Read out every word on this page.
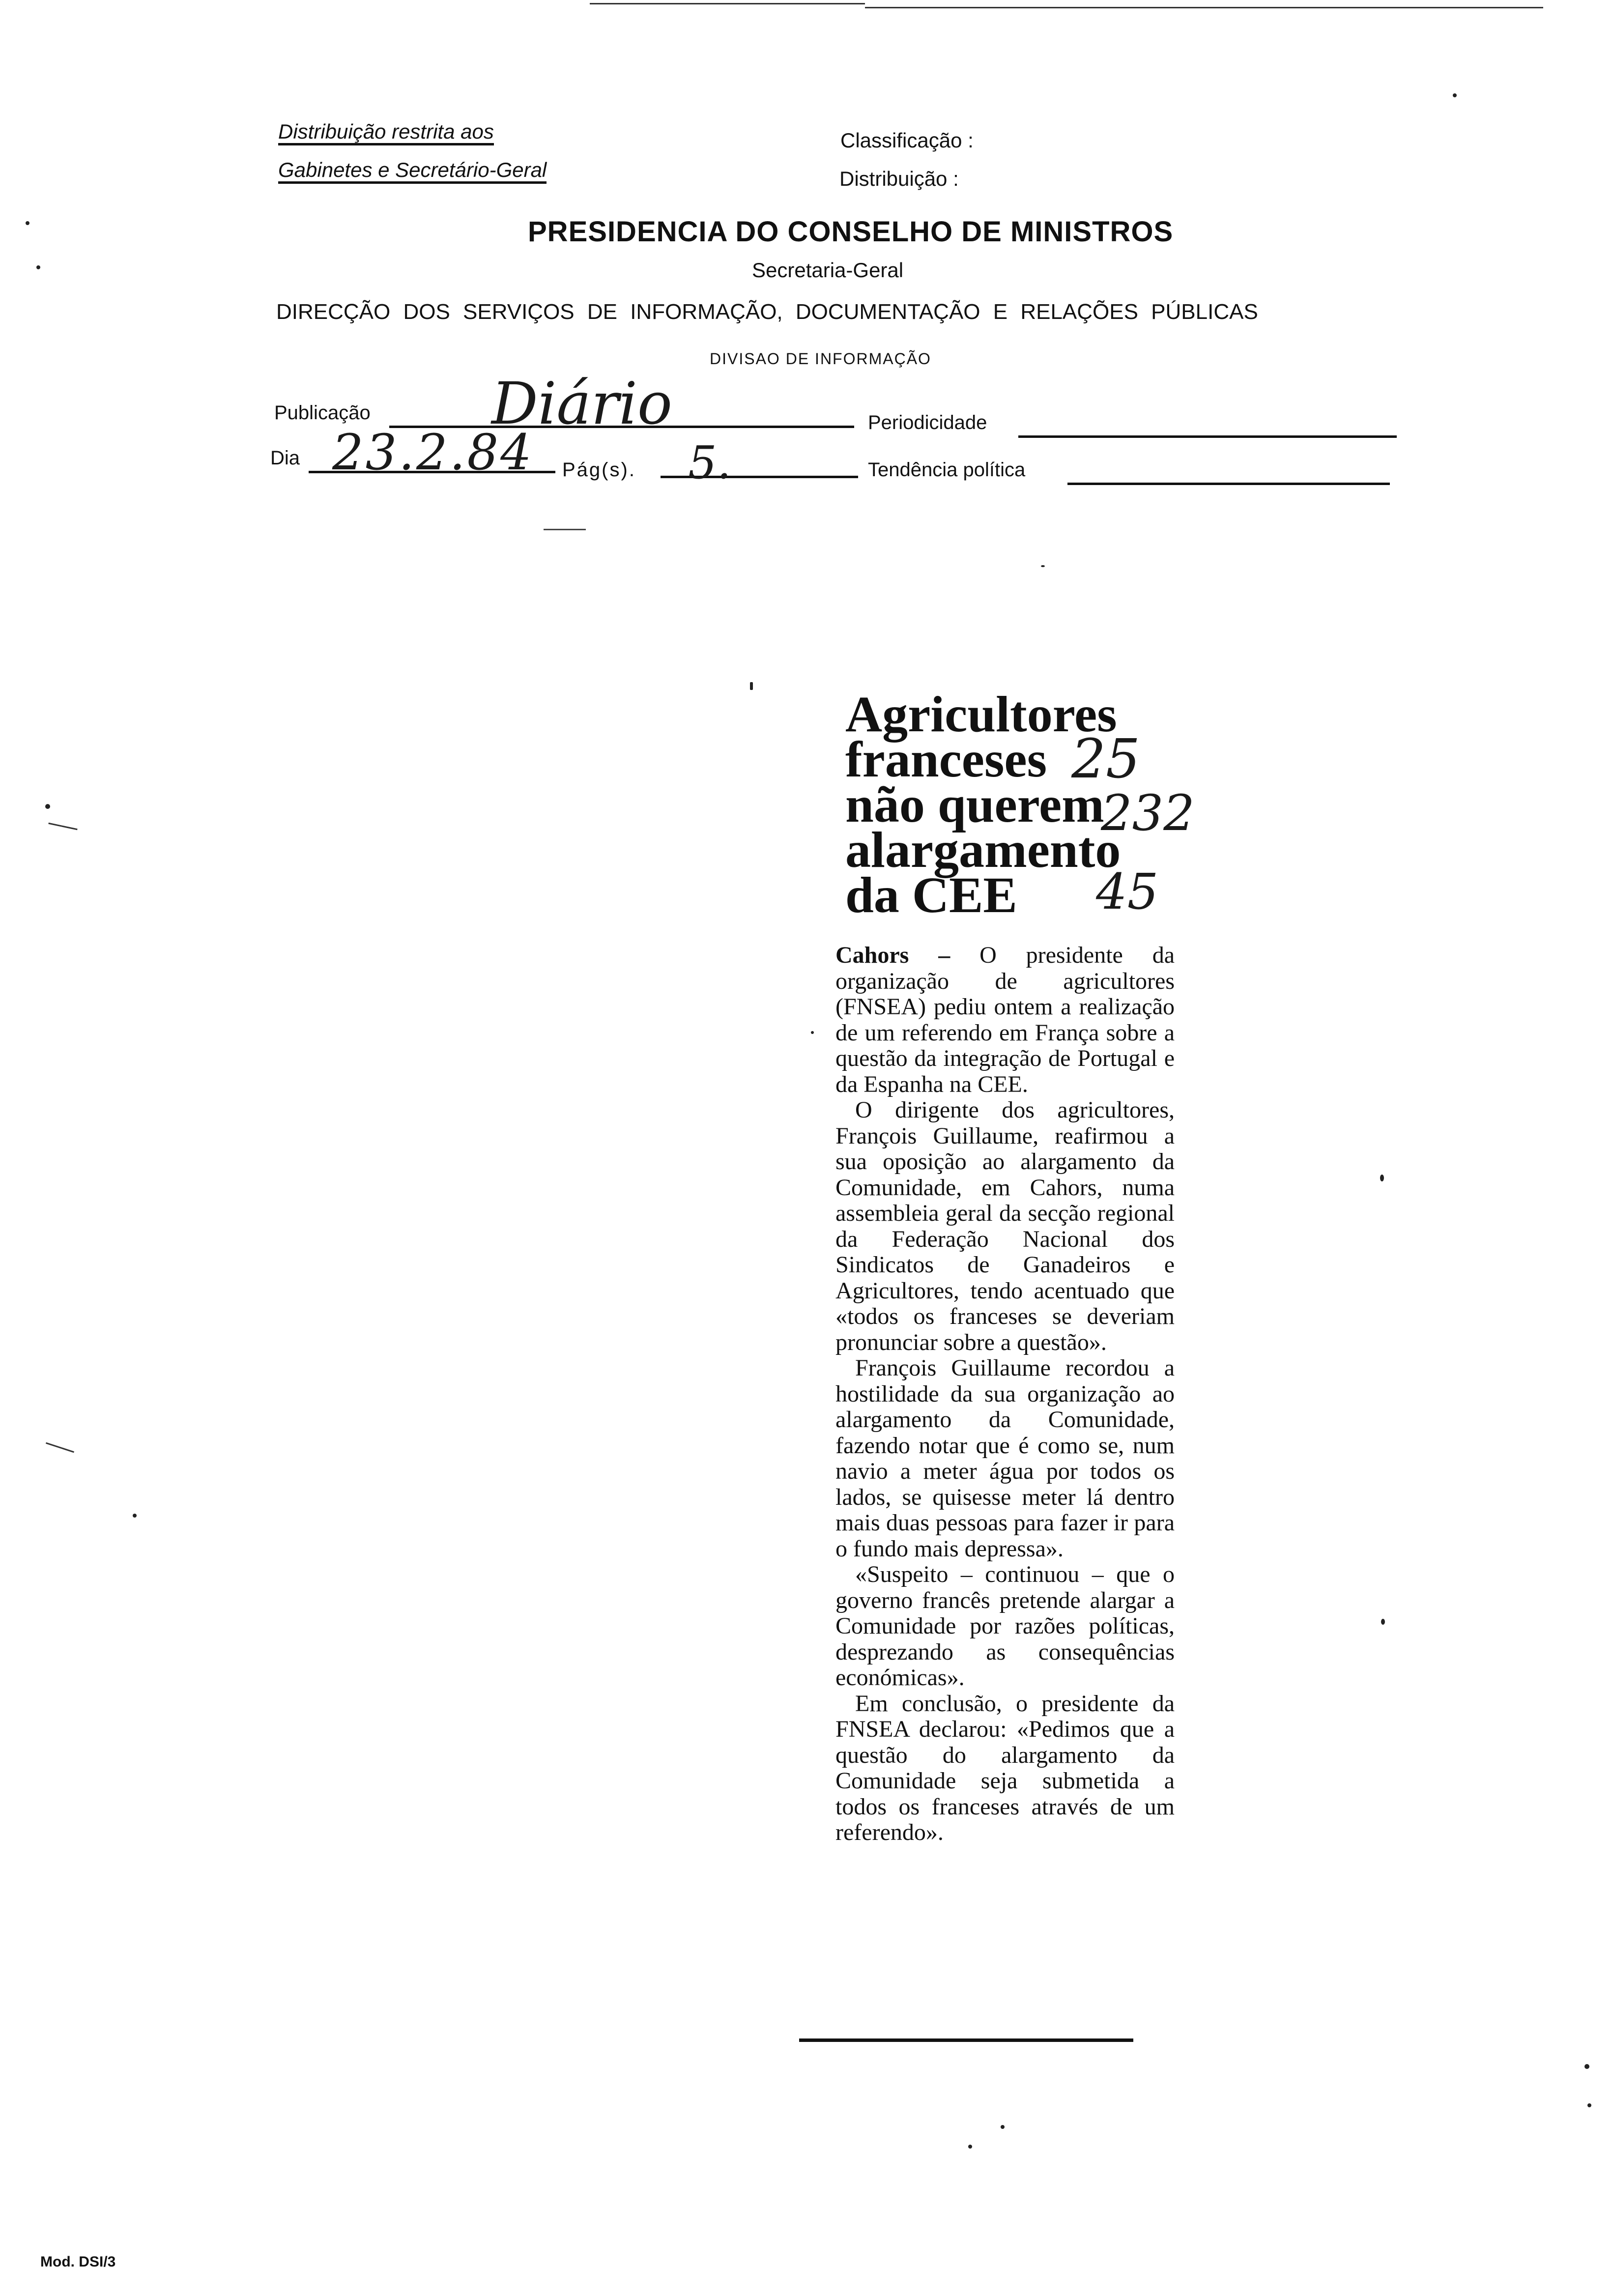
Distribuição restrita aos
Gabinetes e Secretário-Geral
Classificação :
Distribuição :
PRESIDENCIA DO CONSELHO DE MINISTROS
Secretaria-Geral
DIRECÇÃO DOS SERVIÇOS DE INFORMAÇÃO, DOCUMENTAÇÃO E RELAÇÕES PÚBLICAS
DIVISAO DE INFORMAÇÃO
Publicação Diário	Periodicidade
Dia 23.2.84 Pág(s). 5.	Tendência política
Agricultores
franceses
não querem
alargamento
da CEE
25
232
45

Cahors – O presidente da organização de agricultores (FNSEA) pediu ontem a realização de um referendo em França sobre a questão da integração de Portugal e da Espanha na CEE.

O dirigente dos agricultores, François Guillaume, reafirmou a sua oposição ao alargamento da Comunidade, em Cahors, numa assembleia geral da secção regional da Federação Nacional dos Sindicatos de Ganadeiros e Agricultores, tendo acentuado que «todos os franceses se deveriam pronunciar sobre a questão».

François Guillaume recordou a hostilidade da sua organização ao alargamento da Comunidade, fazendo notar que é como se, num navio a meter água por todos os lados, se quisesse meter lá dentro mais duas pessoas para fazer ir para o fundo mais depressa».

«Suspeito – continuou – que o governo francês pretende alargar a Comunidade por razões políticas, desprezando as consequências económicas».

Em conclusão, o presidente da FNSEA declarou: «Pedimos que a questão do alargamento da Comunidade seja submetida a todos os franceses através de um referendo».

Mod. DSI/3
